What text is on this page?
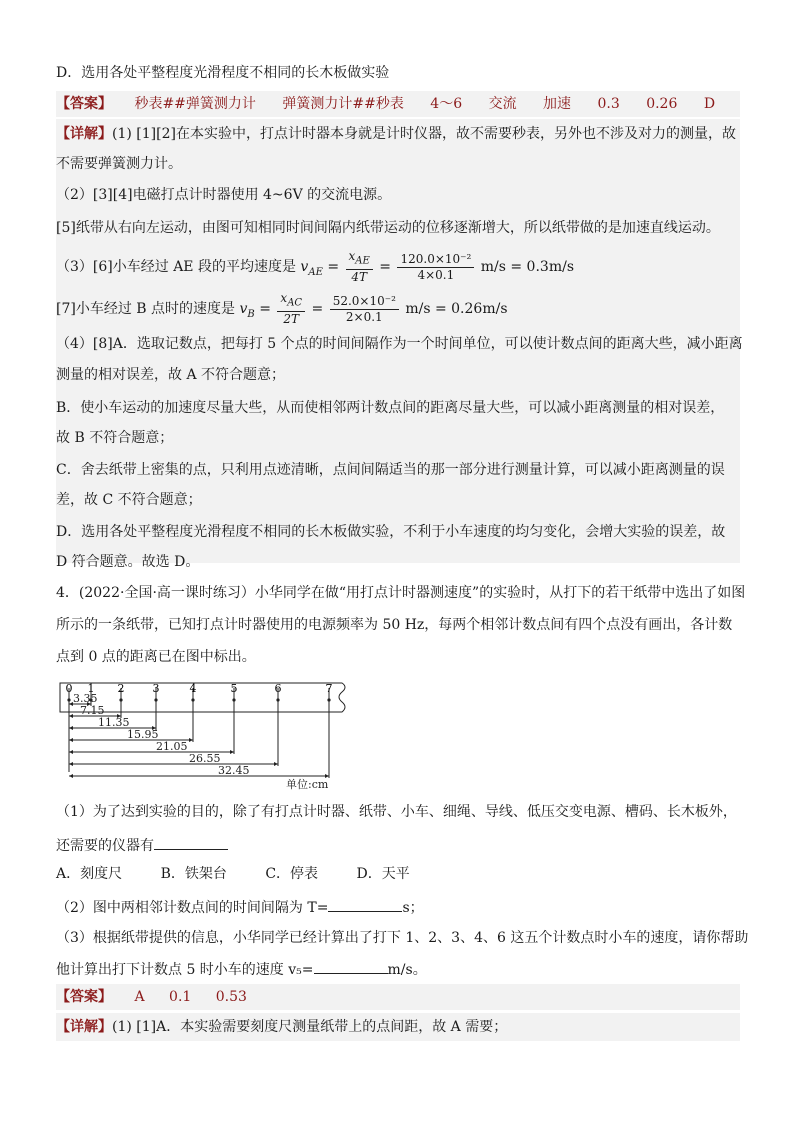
D．选用各处平整程度光滑程度不相同的长木板做实验
【答案】 秒表##弹簧测力计 弹簧测力计##秒表 4～6 交流 加速 0.3 0.26 D
【详解】(1) [1][2]在本实验中，打点计时器本身就是计时仪器，故不需要秒表，另外也不涉及对力的测量，故
不需要弹簧测力计。
（2）[3][4]电磁打点计时器使用 4~6V 的交流电源。
[5]纸带从右向左运动，由图可知相同时间间隔内纸带运动的位移逐渐增大，所以纸带做的是加速直线运动。
（3）[6]小车经过 AE 段的平均速度是 $v_{AE} = \frac{x_{AE}}{4T} = \frac{\text{120.0×10⁻²}}{4\times 0.1} m/s = 0.3m/s$
[7]小车经过 B 点时的速度是 $v_B = \frac{x_{AC}}{2T} = \frac{\text{52.0×10⁻²}}{2\times 0.1} m/s = 0.26m/s$
（4）[8]A．选取记数点，把每打 5 个点的时间间隔作为一个时间单位，可以使计数点间的距离大些，减小距离
测量的相对误差，故 A 不符合题意；
B．使小车运动的加速度尽量大些，从而使相邻两计数点间的距离尽量大些，可以减小距离测量的相对误差，
故 B 不符合题意；
C．舍去纸带上密集的点，只利用点迹清晰，点间间隔适当的那一部分进行测量计算，可以减小距离测量的误
差，故 C 不符合题意；
D．选用各处平整程度光滑程度不相同的长木板做实验，不利于小车速度的均匀变化，会增大实验的误差，故
D 符合题意。故选 D。
4．(2022·全国·高一课时练习）小华同学在做“用打点计时器测速度”的实验时，从打下的若干纸带中选出了如图
所示的一条纸带，已知打点计时器使用的电源频率为 50 Hz，每两个相邻计数点间有四个点没有画出，各计数
点到 0 点的距离已在图中标出。
0 1 2	3	4	5	6	7
3.35
7.15
11.35
15.95
21.05
26.55
32.45
单位:cm
（1）为了达到实验的目的，除了有打点计时器、纸带、小车、细绳、导线、低压交变电源、槽码、长木板外，
还需要的仪器有
A．刻度尺	B．铁架台	C．停表	D．天平
（2）图中两相邻计数点间的时间间隔为 T=	s；
（3）根据纸带提供的信息，小华同学已经计算出了打下 1、2、3、4、6 这五个计数点时小车的速度，请你帮助
他计算出打下计数点 5 时小车的速度 v₅=	m/s。
【答案】 A 0.1 0.53
【详解】(1) [1]A．本实验需要刻度尺测量纸带上的点间距，故 A 需要；
